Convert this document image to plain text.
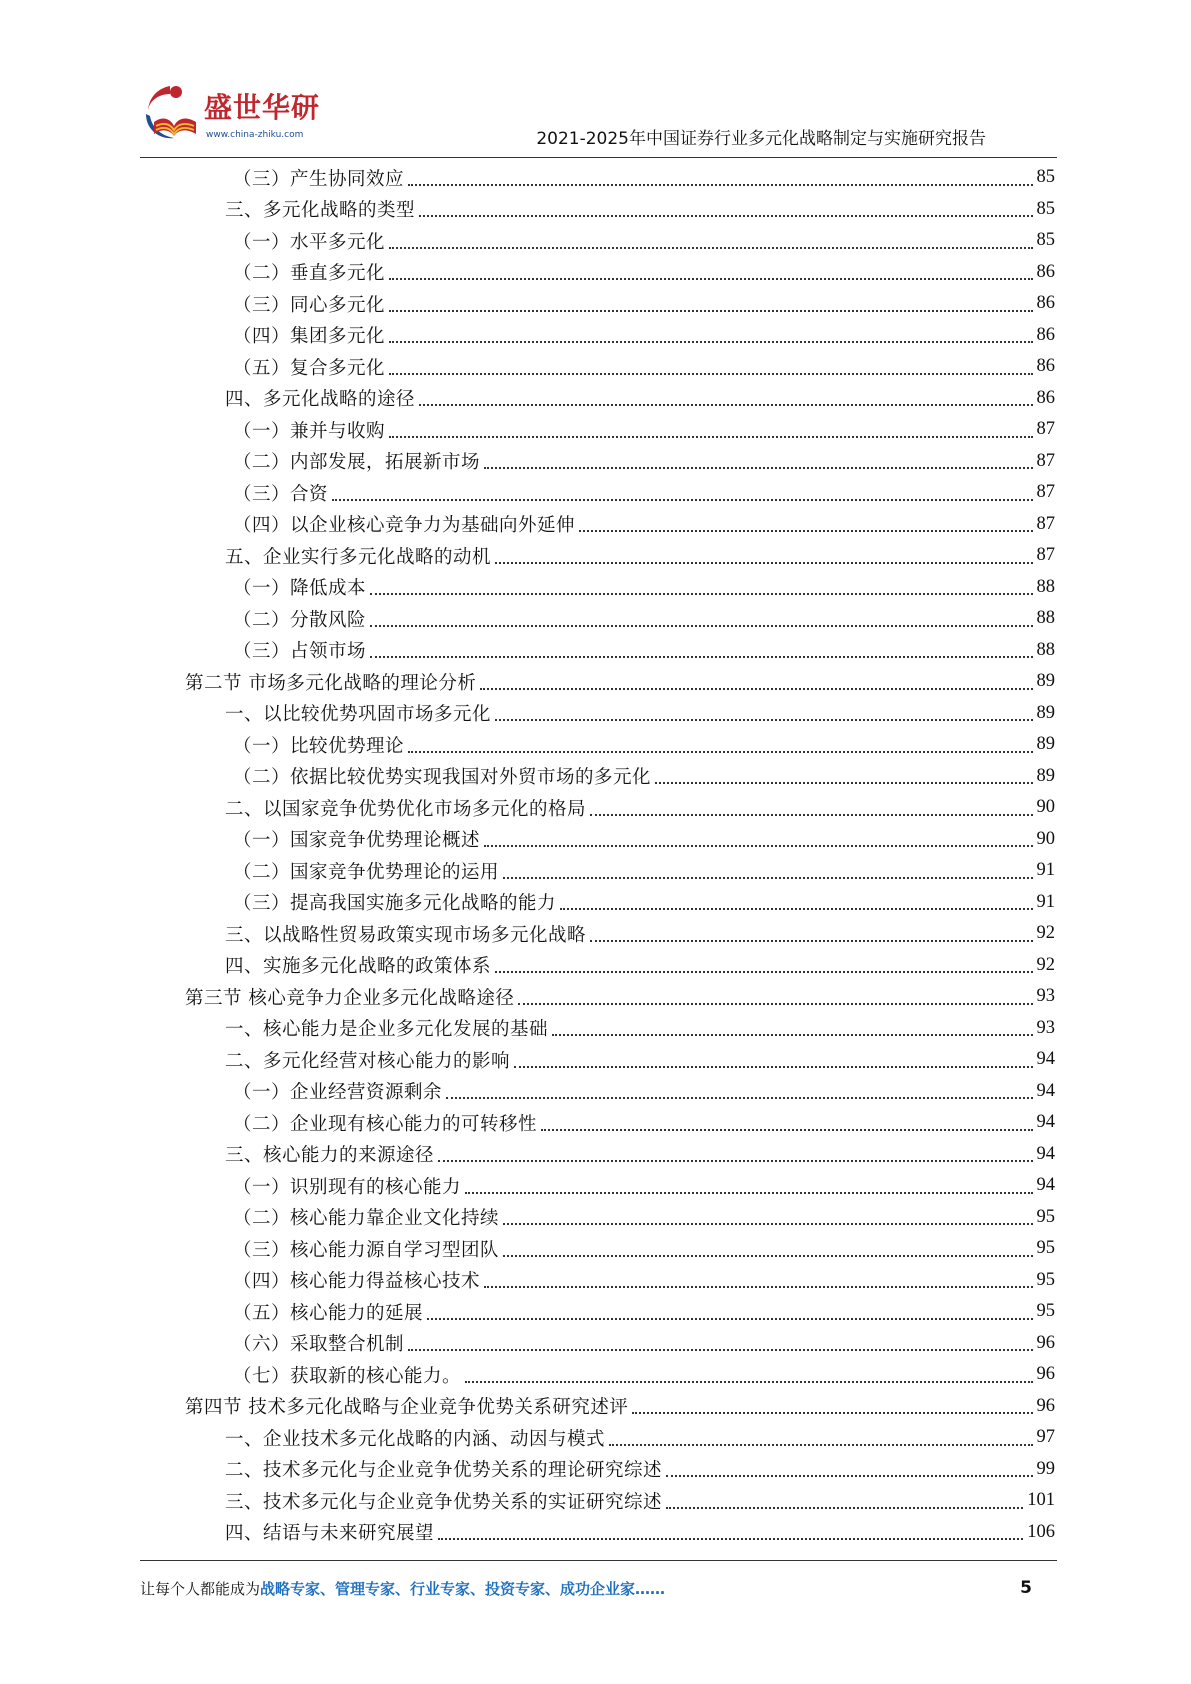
盛世华研
www.china-zhiku.com	2021-2025年中国证券行业多元化战略制定与实施研究报告
（三）产生协同效应	85
三、多元化战略的类型	85
（一）水平多元化	85
（二）垂直多元化	86
（三）同心多元化	86
（四）集团多元化	86
（五）复合多元化	86
四、多元化战略的途径	86
（一）兼并与收购	87
（二）内部发展，拓展新市场	87
（三）合资	87
（四）以企业核心竞争力为基础向外延伸	87
五、企业实行多元化战略的动机	87
（一）降低成本	88
（二）分散风险	88
（三）占领市场	88
第二节 市场多元化战略的理论分析	89
一、以比较优势巩固市场多元化	89
（一）比较优势理论	89
（二）依据比较优势实现我国对外贸市场的多元化	89
二、以国家竞争优势优化市场多元化的格局	90
（一）国家竞争优势理论概述	90
（二）国家竞争优势理论的运用	91
（三）提高我国实施多元化战略的能力	91
三、以战略性贸易政策实现市场多元化战略	92
四、实施多元化战略的政策体系	92
第三节 核心竞争力企业多元化战略途径	93
一、核心能力是企业多元化发展的基础	93
二、多元化经营对核心能力的影响	94
（一）企业经营资源剩余	94
（二）企业现有核心能力的可转移性	94
三、核心能力的来源途径	94
（一）识别现有的核心能力	94
（二）核心能力靠企业文化持续	95
（三）核心能力源自学习型团队	95
（四）核心能力得益核心技术	95
（五）核心能力的延展	95
（六）采取整合机制	96
（七）获取新的核心能力。	96
第四节 技术多元化战略与企业竞争优势关系研究述评	96
一、企业技术多元化战略的内涵、动因与模式	97
二、技术多元化与企业竞争优势关系的理论研究综述	99
三、技术多元化与企业竞争优势关系的实证研究综述	101
四、结语与未来研究展望	106
让每个人都能成为战略专家、管理专家、行业专家、投资专家、成功企业家……	5
